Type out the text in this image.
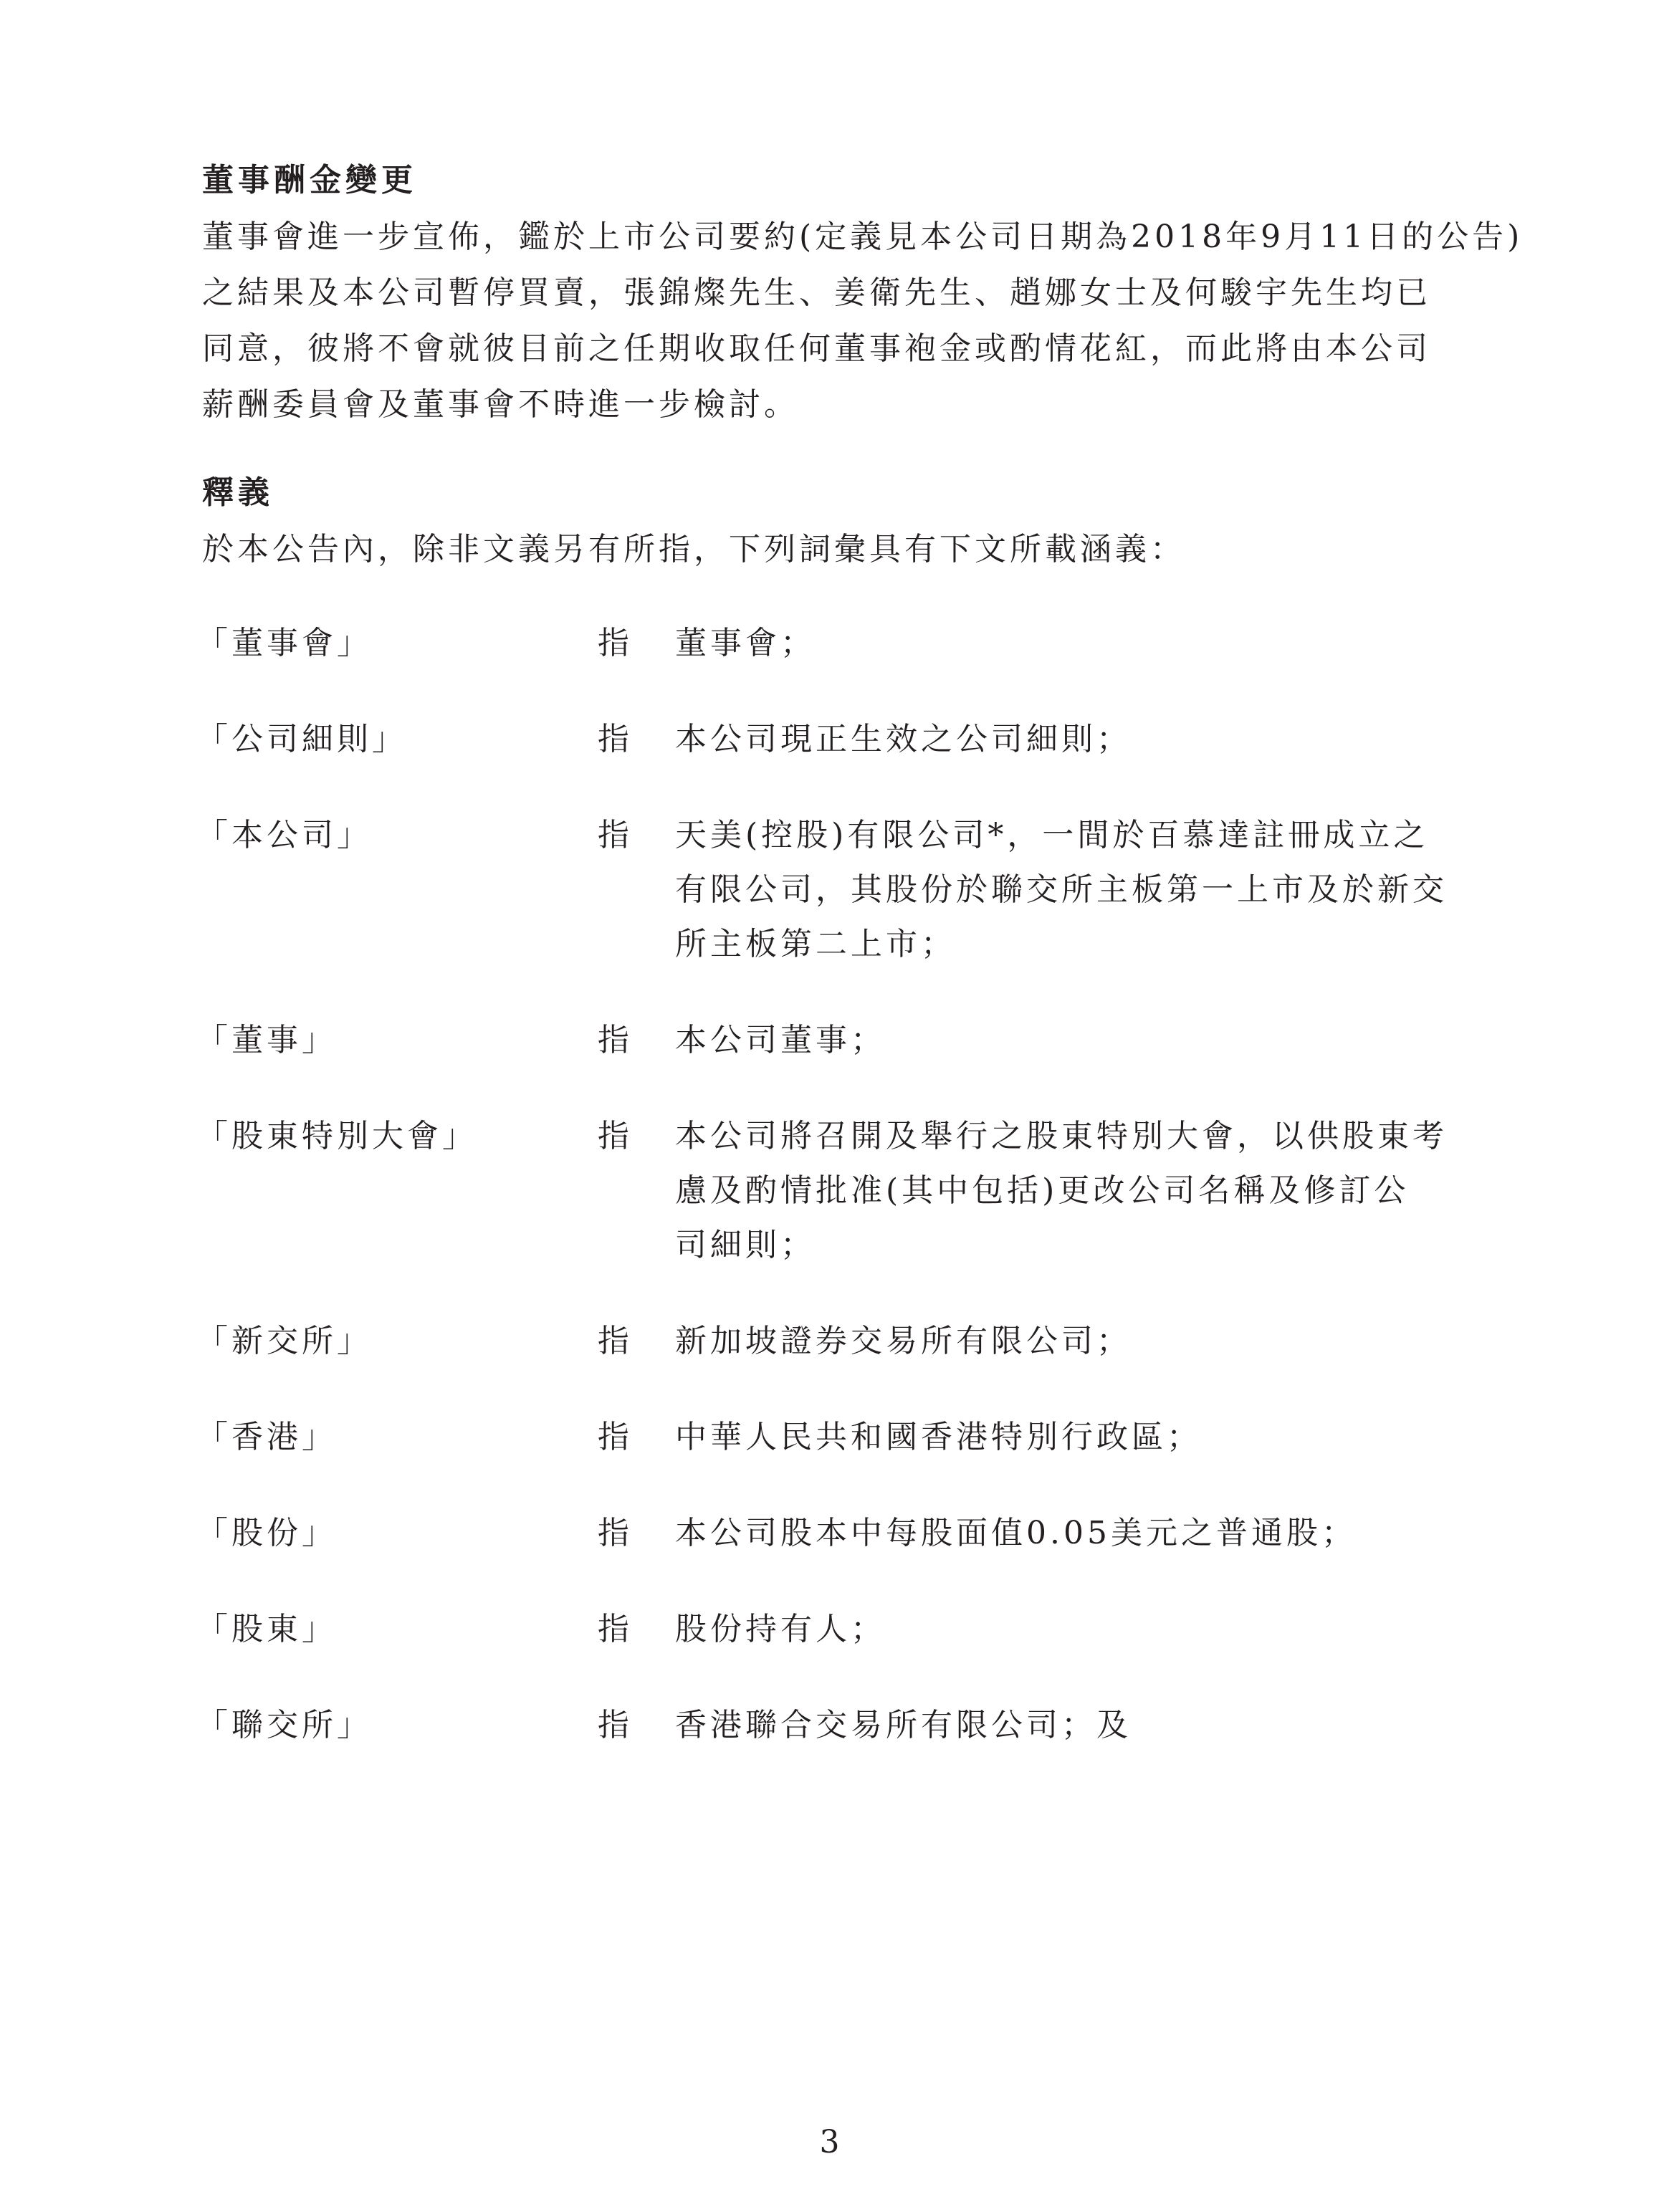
董事酬金變更

董事會進一步宣佈，鑑於上市公司要約(定義見本公司日期為2018年9月11日的公告)
之結果及本公司暫停買賣，張錦燦先生、姜衛先生、趙娜女士及何駿宇先生均已
同意，彼將不會就彼目前之任期收取任何董事袍金或酌情花紅，而此將由本公司
薪酬委員會及董事會不時進一步檢討。

釋義

於本公告內，除非文義另有所指，下列詞彙具有下文所載涵義：

「董事會」	指 董事會；
「公司細則」	指 本公司現正生效之公司細則；
「本公司」	指 天美(控股)有限公司*，一間於百慕達註冊成立之
有限公司，其股份於聯交所主板第一上市及於新交
所主板第二上市；
「董事」	指 本公司董事；
「股東特別大會」	指 本公司將召開及舉行之股東特別大會，以供股東考
慮及酌情批准(其中包括)更改公司名稱及修訂公
司細則；
「新交所」	指 新加坡證券交易所有限公司；
「香港」	指 中華人民共和國香港特別行政區；
「股份」	指 本公司股本中每股面值0.05美元之普通股；
「股東」	指 股份持有人；
「聯交所」	指 香港聯合交易所有限公司；及
3
